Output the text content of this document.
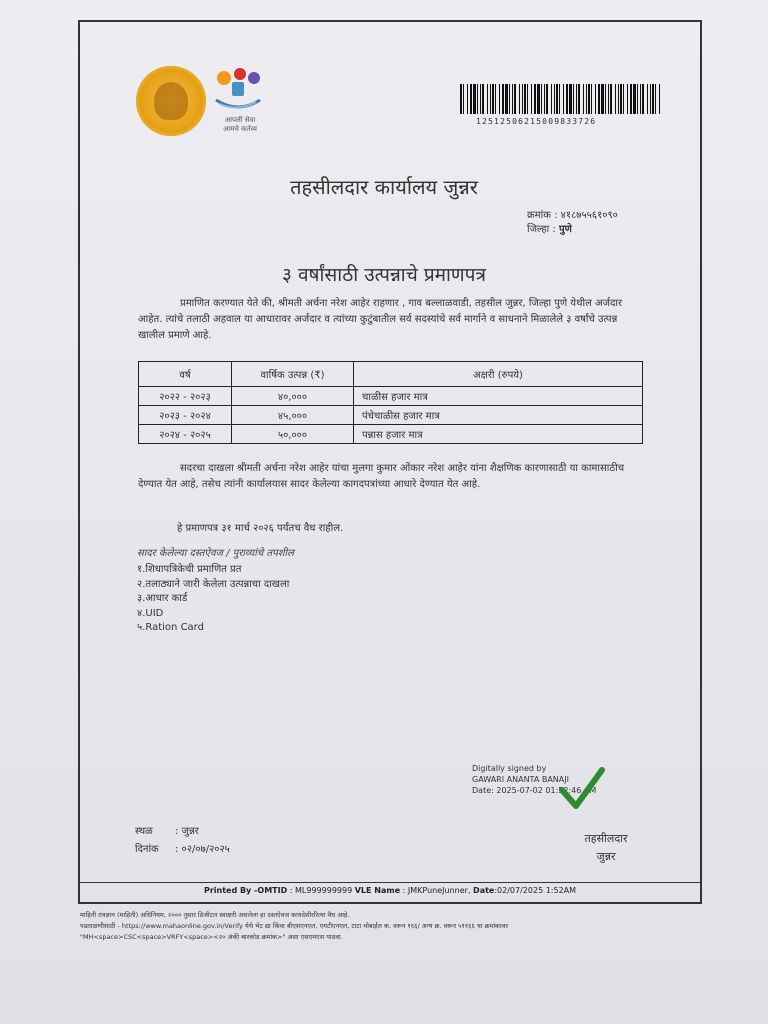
आपली सेवा
आमचे कर्तव्य
12512506215009833726
तहसीलदार कार्यालय जुन्नर
क्रमांक : ४१८७५५६१०९०
जिल्हा : पुणे
३ वर्षांसाठी उत्पन्नाचे प्रमाणपत्र
प्रमाणित करण्यात येते की, श्रीमती अर्चना नरेश आहेर राहणार , गाव बल्लाळवाडी, तहसील जुन्नर, जिल्हा पुणे येथील अर्जदार आहेत. त्यांचे तलाठी अहवाल या आधारावर अर्जदार व त्यांच्या कुटुंबातील सर्व सदस्यांचे सर्व मार्गाने व साधनाने मिळालेले ३ वर्षांचे उत्पन्न खालील प्रमाणे आहे.
वर्ष	वार्षिक उत्पन्न (₹)	अक्षरी (रुपये)
२०२२ - २०२३	४०,०००	चाळीस हजार मात्र
२०२३ - २०२४	४५,०००	पंचेचाळीस हजार मात्र
२०२४ - २०२५	५०,०००	पन्नास हजार मात्र
सदरचा दाखला श्रीमती अर्चना नरेश आहेर यांचा मुलगा कुमार ओंकार नरेश आहेर यांना शैक्षणिक कारणासाठी या कामासाठीच देण्यात येत आहे, तसेच त्यांनी कार्यालयास सादर केलेल्या कागदपत्रांच्या आधारे देण्यात येत आहे.
हे प्रमाणपत्र ३१ मार्च २०२६ पर्यंतच वैध राहील.
सादर केलेल्या दस्तऐवज / पुराव्यांचे तपशील
१.शिधापत्रिकेची प्रमाणित प्रत
२.तलाठ्याने जारी केलेला उत्पन्नाचा दाखला
३.आधार कार्ड
४.UID
५.Ration Card
Digitally signed by
GAWARI ANANTA BANAJI
Date: 2025-07-02 01:52:46 AM
स्थळ : जुन्नर
दिनांक : ०२/०७/२०२५
तहसीलदार
जुन्नर
Printed By -OMTID : ML999999999 VLE Name : JMKPuneJunner, Date:02/07/2025 1:52AM
माहिती तंत्रज्ञान (माहिती) अधिनियम, २००० नुसार डिजीटल स्वाक्षरी असलेला हा दस्तऐवज कायदेशीररित्या वैध आहे.
पडताळणीसाठी - https://www.mahaonline.gov.in/Verify येथे भेट द्या किंवा बीएसएनएल, एमटीएनएल, टाटा मोबाईल क. वरून १६६/ अन्य क्र. वरून ५११६६ या क्रमांकावर
"MH<space>CSC<space>VRFY<space><२० अंकी बारकोड क्रमांक>" असा एसएमएस पाठवा.
